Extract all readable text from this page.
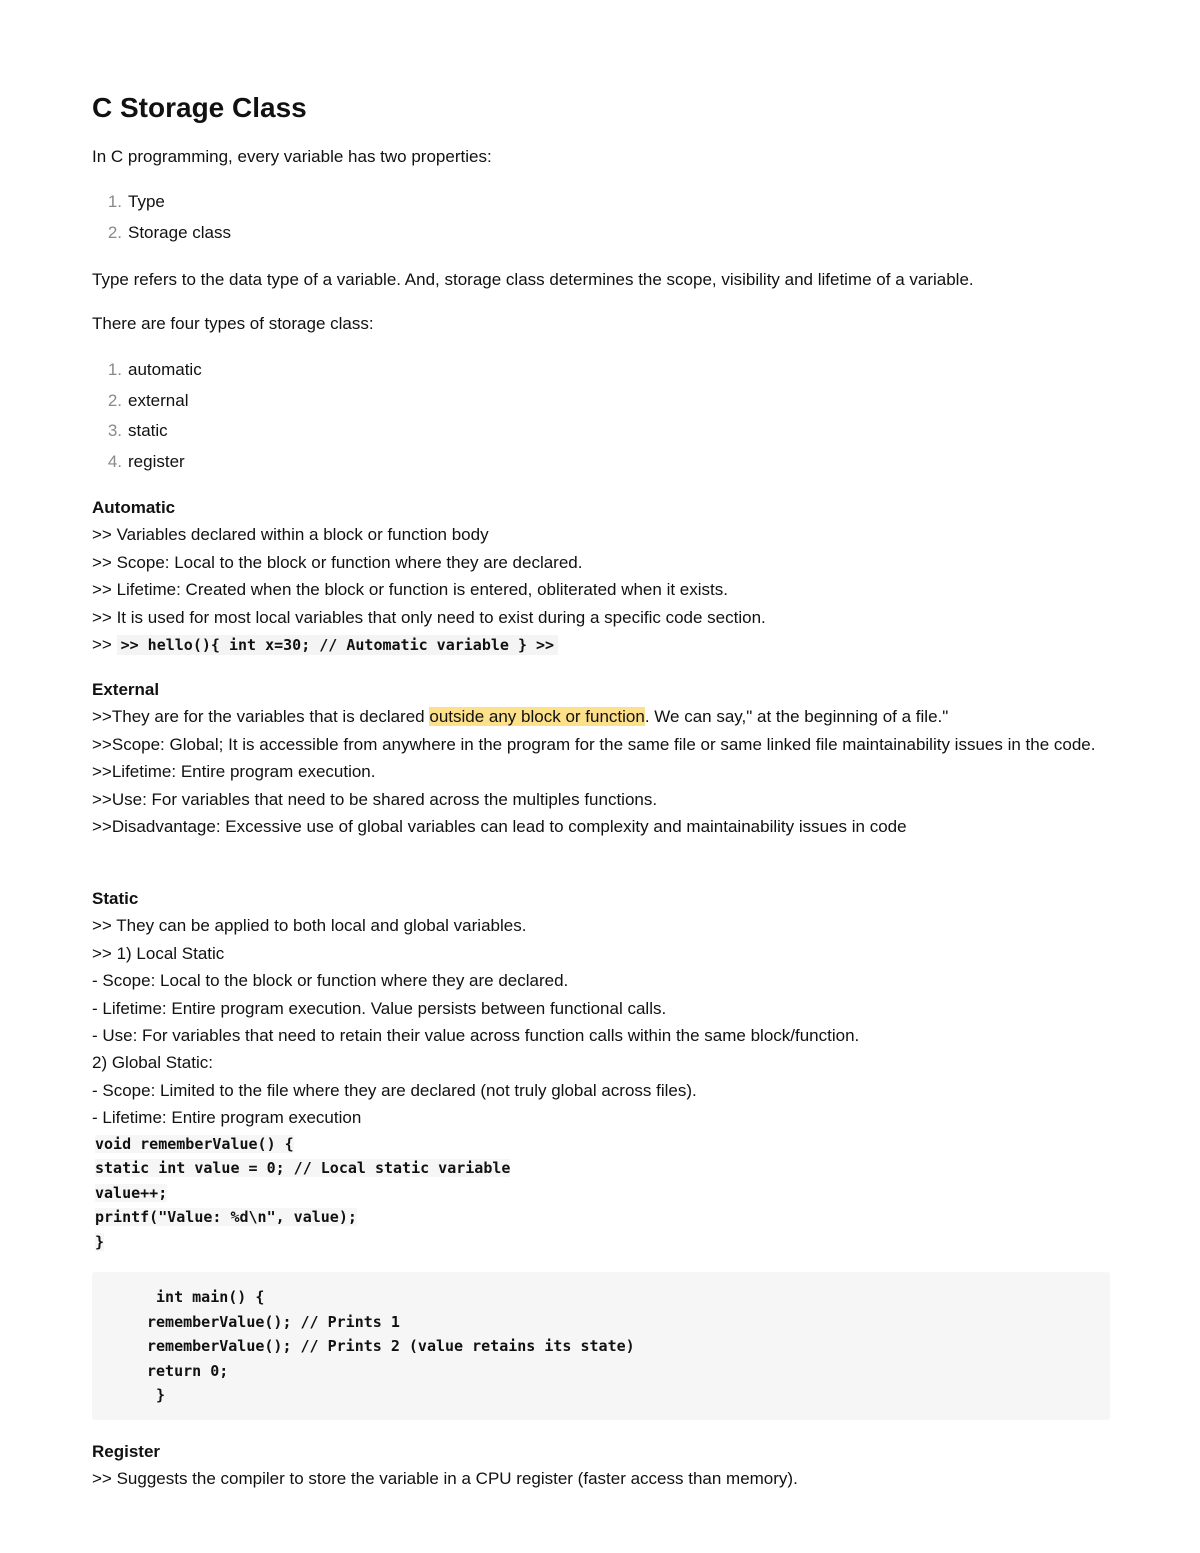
C Storage Class

In C programming, every variable has two properties:

1. Type
2. Storage class

Type refers to the data type of a variable. And, storage class determines the scope, visibility and lifetime of a variable.

There are four types of storage class:

1. automatic
2. external
3. static
4. register
Automatic
>> Variables declared within a block or function body
>> Scope: Local to the block or function where they are declared.
>> Lifetime: Created when the block or function is entered, obliterated when it exists.
>> It is used for most local variables that only need to exist during a specific code section.
>> >> hello(){ int x=30; // Automatic variable } >>
External
>>They are for the variables that is declared outside any block or function. We can say," at the beginning of a file."
>>Scope: Global; It is accessible from anywhere in the program for the same file or same linked file maintainability issues in the code.
>>Lifetime: Entire program execution.
>>Use: For variables that need to be shared across the multiples functions.
>>Disadvantage: Excessive use of global variables can lead to complexity and maintainability issues in code
Static
>> They can be applied to both local and global variables.
>> 1) Local Static
- Scope: Local to the block or function where they are declared.
- Lifetime: Entire program execution. Value persists between functional calls.
- Use: For variables that need to retain their value across function calls within the same block/function.
2) Global Static:
- Scope: Limited to the file where they are declared (not truly global across files).
- Lifetime: Entire program execution
void rememberValue() {
static int value = 0; // Local static variable
value++;
printf("Value: %d\n", value);
}
int main() {
rememberValue(); // Prints 1
rememberValue(); // Prints 2 (value retains its state)
return 0;
}
Register
>> Suggests the compiler to store the variable in a CPU register (faster access than memory).
